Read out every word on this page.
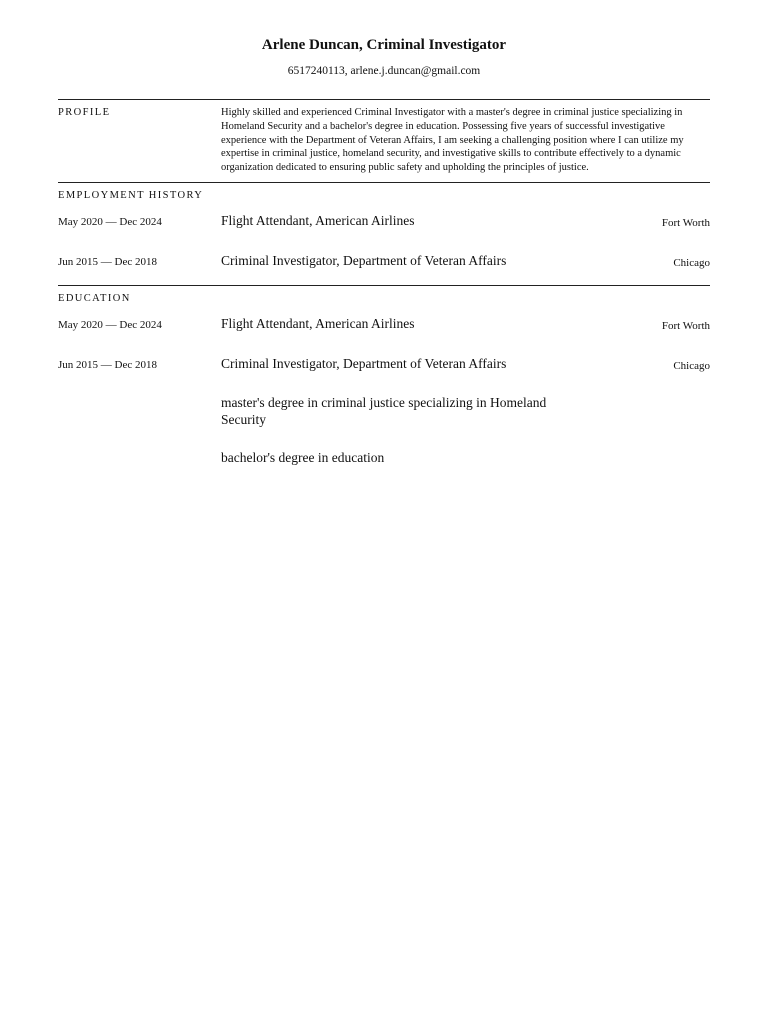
Arlene Duncan, Criminal Investigator
6517240113, arlene.j.duncan@gmail.com
PROFILE	Highly skilled and experienced Criminal Investigator with a master's degree in criminal justice specializing in Homeland Security and a bachelor's degree in education. Possessing five years of successful investigative experience with the Department of Veteran Affairs, I am seeking a challenging position where I can utilize my expertise in criminal justice, homeland security, and investigative skills to contribute effectively to a dynamic organization dedicated to ensuring public safety and upholding the principles of justice.
EMPLOYMENT HISTORY
May 2020 — Dec 2024	Flight Attendant, American Airlines	Fort Worth
Jun 2015 — Dec 2018	Criminal Investigator, Department of Veteran Affairs	Chicago
EDUCATION
May 2020 — Dec 2024	Flight Attendant, American Airlines	Fort Worth
Jun 2015 — Dec 2018	Criminal Investigator, Department of Veteran Affairs	Chicago
master's degree in criminal justice specializing in Homeland Security
bachelor's degree in education
